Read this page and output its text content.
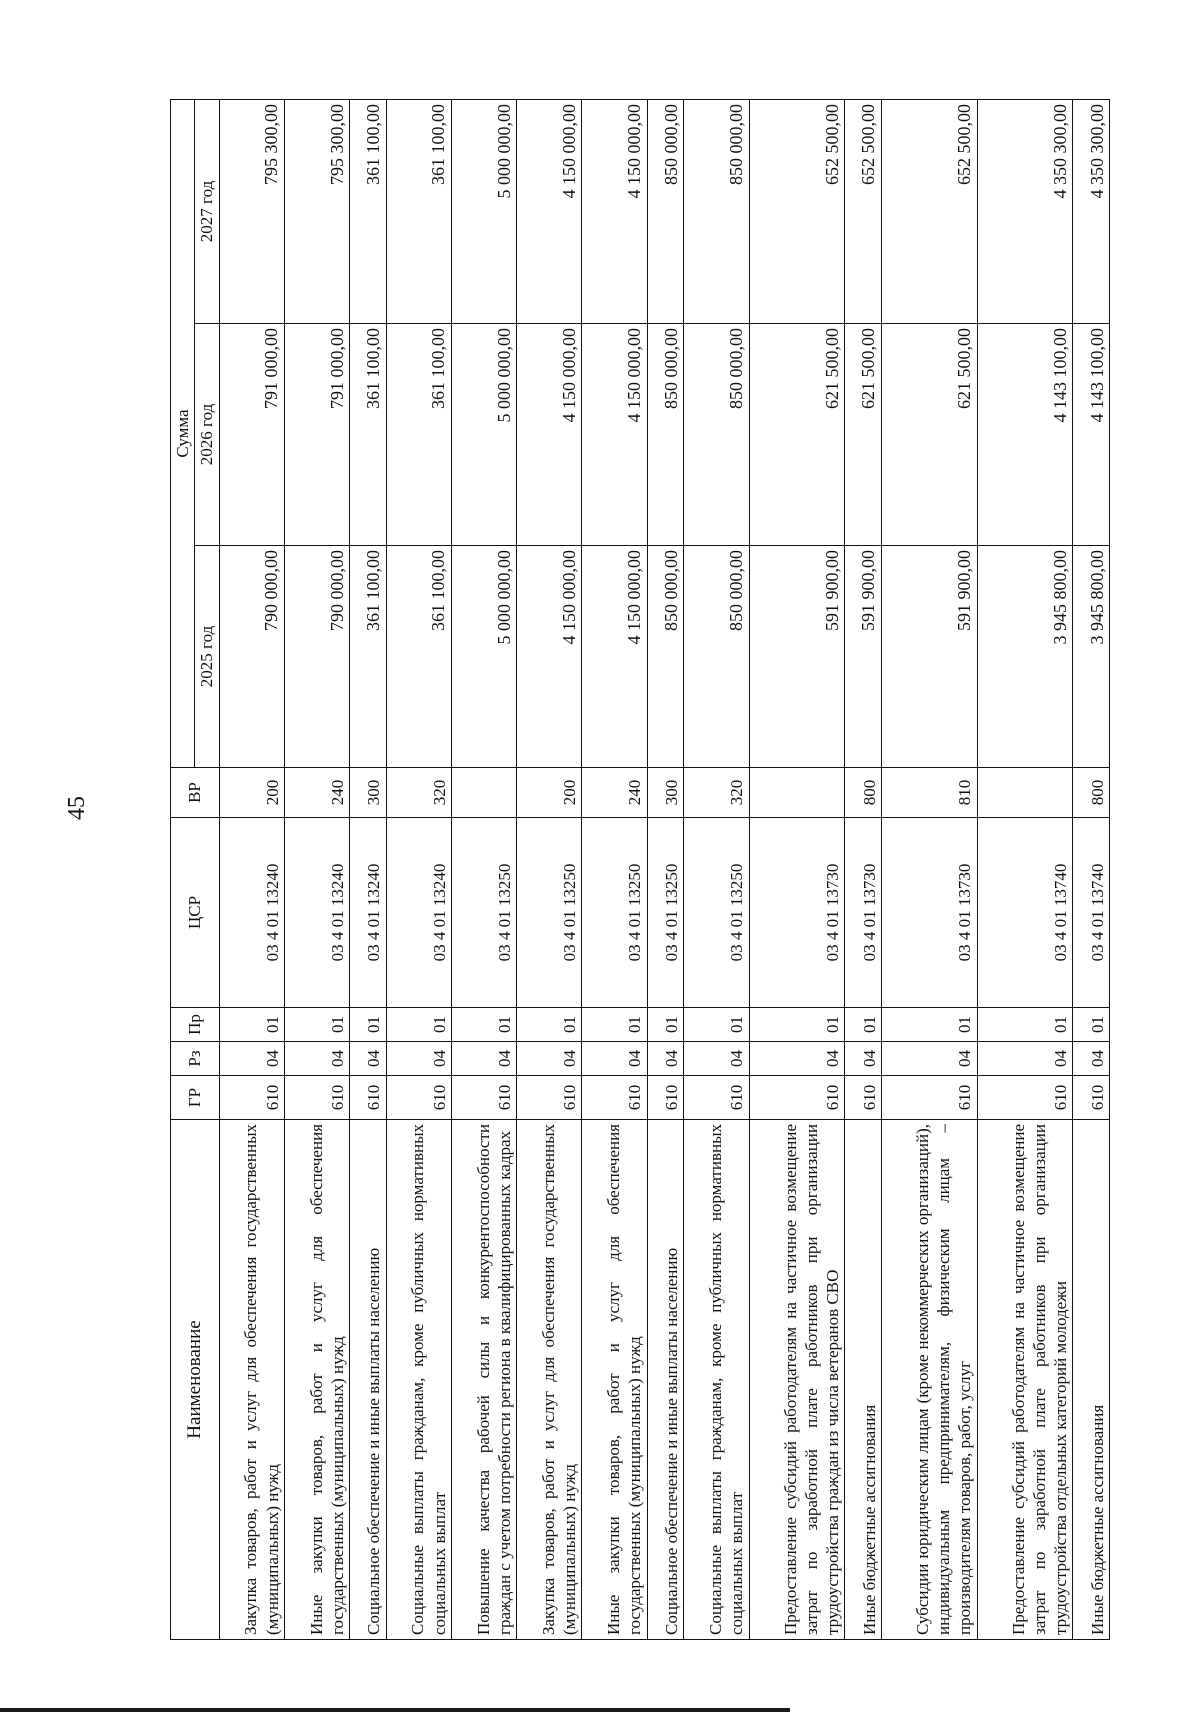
45
Наименование	ГР	Рз	Пр	ЦСР	ВР	Сумма		
						2025 год	2026 год	2027 год
Закупка товаров, работ и услуг для обеспечения государственных (муниципальных) нужд	610	04	01	03 4 01 13240	200	790 000,00	791 000,00	795 300,00
Иные закупки товаров, работ и услуг для обеспечения государственных (муниципальных) нужд	610	04	01	03 4 01 13240	240	790 000,00	791 000,00	795 300,00
Социальное обеспечение и иные выплаты населению	610	04	01	03 4 01 13240	300	361 100,00	361 100,00	361 100,00
Социальные выплаты гражданам, кроме публичных нормативных социальных выплат	610	04	01	03 4 01 13240	320	361 100,00	361 100,00	361 100,00
Повышение качества рабочей силы и конкурентоспособности граждан с учетом потребности региона в квалифицированных кадрах	610	04	01	03 4 01 13250		5 000 000,00	5 000 000,00	5 000 000,00
Закупка товаров, работ и услуг для обеспечения государственных (муниципальных) нужд	610	04	01	03 4 01 13250	200	4 150 000,00	4 150 000,00	4 150 000,00
Иные закупки товаров, работ и услуг для обеспечения государственных (муниципальных) нужд	610	04	01	03 4 01 13250	240	4 150 000,00	4 150 000,00	4 150 000,00
Социальное обеспечение и иные выплаты населению	610	04	01	03 4 01 13250	300	850 000,00	850 000,00	850 000,00
Социальные выплаты гражданам, кроме публичных нормативных социальных выплат	610	04	01	03 4 01 13250	320	850 000,00	850 000,00	850 000,00
Предоставление субсидий работодателям на частичное возмещение затрат по заработной плате работников при организации трудоустройства граждан из числа ветеранов СВО	610	04	01	03 4 01 13730		591 900,00	621 500,00	652 500,00
Иные бюджетные ассигнования	610	04	01	03 4 01 13730	800	591 900,00	621 500,00	652 500,00
Субсидии юридическим лицам (кроме некоммерческих организаций), индивидуальным предпринимателям, физическим лицам – производителям товаров, работ, услуг	610	04	01	03 4 01 13730	810	591 900,00	621 500,00	652 500,00
Предоставление субсидий работодателям на частичное возмещение затрат по заработной плате работников при организации трудоустройства отдельных категорий молодежи	610	04	01	03 4 01 13740		3 945 800,00	4 143 100,00	4 350 300,00
Иные бюджетные ассигнования	610	04	01	03 4 01 13740	800	3 945 800,00	4 143 100,00	4 350 300,00
